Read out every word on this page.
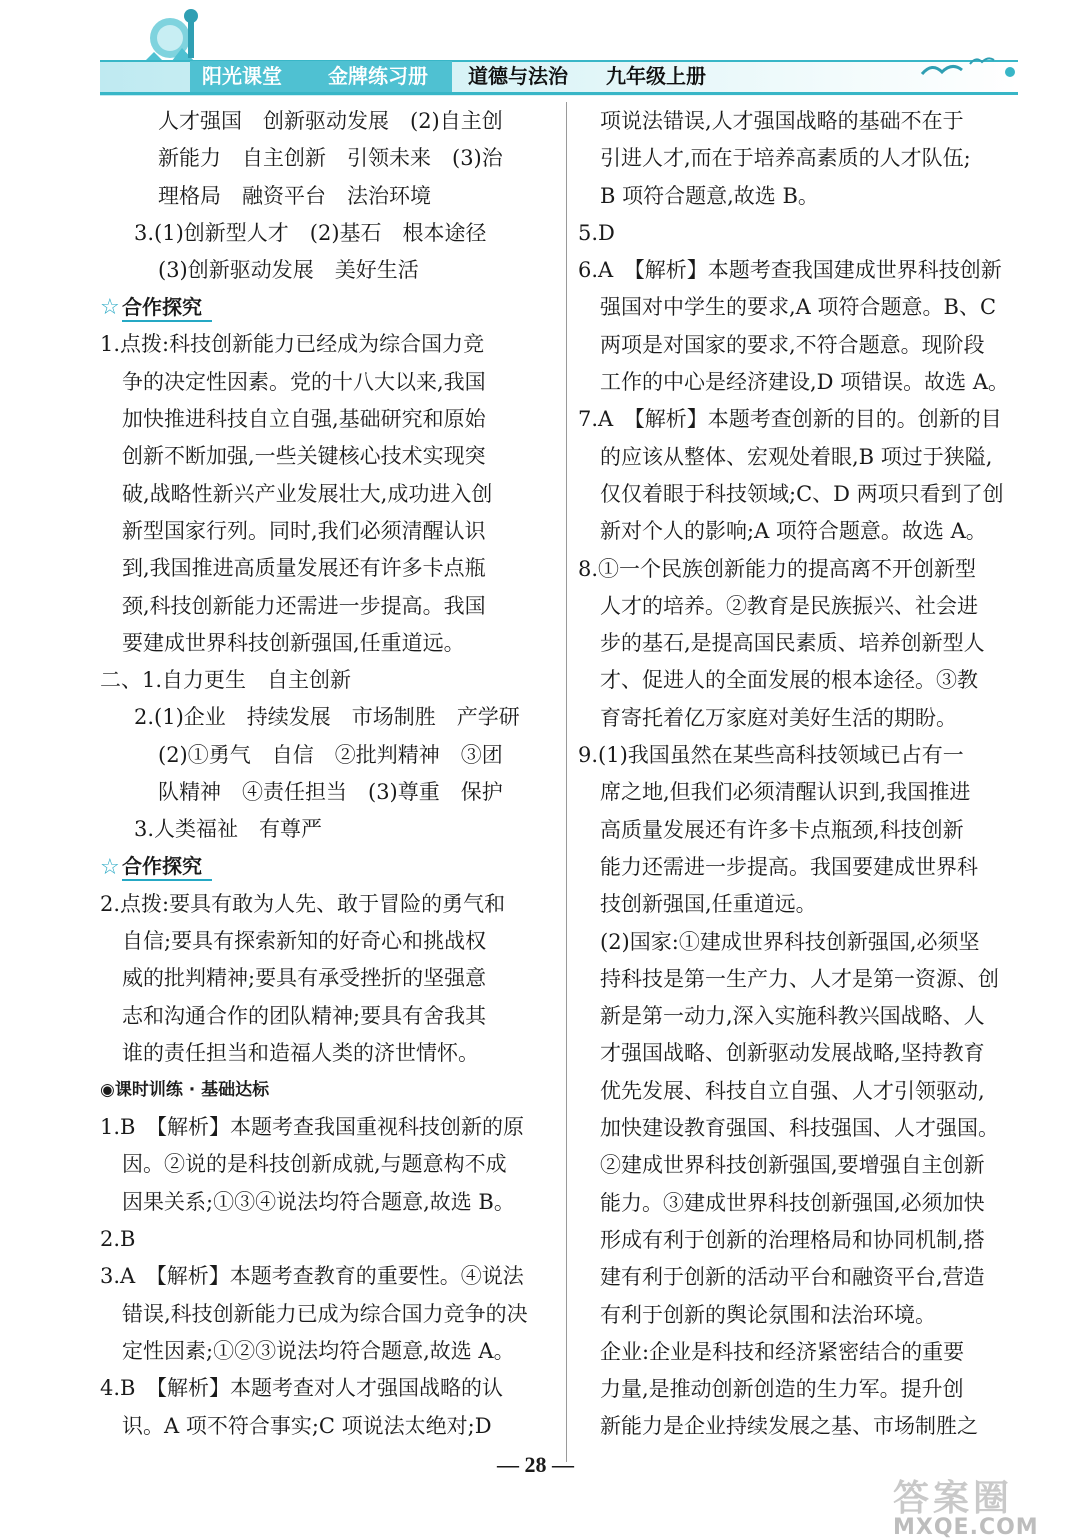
阳光课堂 金牌练习册 道德与法治 九年级上册

人才强国　创新驱动发展　(2)自主创

新能力　自主创新　引领未来　(3)治

理格局　融资平台　法治环境

3.(1)创新型人才　(2)基石　根本途径

(3)创新驱动发展　美好生活

☆ 合作探究

1.点拨:科技创新能力已经成为综合国力竞

争的决定性因素。党的十八大以来,我国

加快推进科技自立自强,基础研究和原始

创新不断加强,一些关键核心技术实现突

破,战略性新兴产业发展壮大,成功进入创

新型国家行列。同时,我们必须清醒认识

到,我国推进高质量发展还有许多卡点瓶

颈,科技创新能力还需进一步提高。我国

要建成世界科技创新强国,任重道远。

二、1.自力更生　自主创新

2.(1)企业　持续发展　市场制胜　产学研

(2)①勇气　自信　②批判精神　③团

队精神　④责任担当　(3)尊重　保护

3.人类福祉　有尊严

☆ 合作探究

2.点拨:要具有敢为人先、敢于冒险的勇气和

自信;要具有探索新知的好奇心和挑战权

威的批判精神;要具有承受挫折的坚强意

志和沟通合作的团队精神;要具有舍我其

谁的责任担当和造福人类的济世情怀。

◉课时训练 · 基础达标

1.B　【解析】本题考查我国重视科技创新的原

因。②说的是科技创新成就,与题意构不成

因果关系;①③④说法均符合题意,故选 B。

2.B

3.A　【解析】本题考查教育的重要性。④说法

错误,科技创新能力已成为综合国力竞争的决

定性因素;①②③说法均符合题意,故选 A。

4.B　【解析】本题考查对人才强国战略的认

识。A 项不符合事实;C 项说法太绝对;D

项说法错误,人才强国战略的基础不在于

引进人才,而在于培养高素质的人才队伍;

B 项符合题意,故选 B。

5.D

6.A　【解析】本题考查我国建成世界科技创新

强国对中学生的要求,A 项符合题意。B、C

两项是对国家的要求,不符合题意。现阶段

工作的中心是经济建设,D 项错误。故选 A。

7.A　【解析】本题考查创新的目的。创新的目

的应该从整体、宏观处着眼,B 项过于狭隘,

仅仅着眼于科技领域;C、D 两项只看到了创

新对个人的影响;A 项符合题意。故选 A。

8.①一个民族创新能力的提高离不开创新型

人才的培养。②教育是民族振兴、社会进

步的基石,是提高国民素质、培养创新型人

才、促进人的全面发展的根本途径。③教

育寄托着亿万家庭对美好生活的期盼。

9.(1)我国虽然在某些高科技领域已占有一

席之地,但我们必须清醒认识到,我国推进

高质量发展还有许多卡点瓶颈,科技创新

能力还需进一步提高。我国要建成世界科

技创新强国,任重道远。

(2)国家:①建成世界科技创新强国,必须坚

持科技是第一生产力、人才是第一资源、创

新是第一动力,深入实施科教兴国战略、人

才强国战略、创新驱动发展战略,坚持教育

优先发展、科技自立自强、人才引领驱动,

加快建设教育强国、科技强国、人才强国。

②建成世界科技创新强国,要增强自主创新

能力。③建成世界科技创新强国,必须加快

形成有利于创新的治理格局和协同机制,搭

建有利于创新的活动平台和融资平台,营造

有利于创新的舆论氛围和法治环境。

企业:企业是科技和经济紧密结合的重要

力量,是推动创新创造的生力军。提升创

新能力是企业持续发展之基、市场制胜之

— 28 —
答案圈
MXQE.COM
